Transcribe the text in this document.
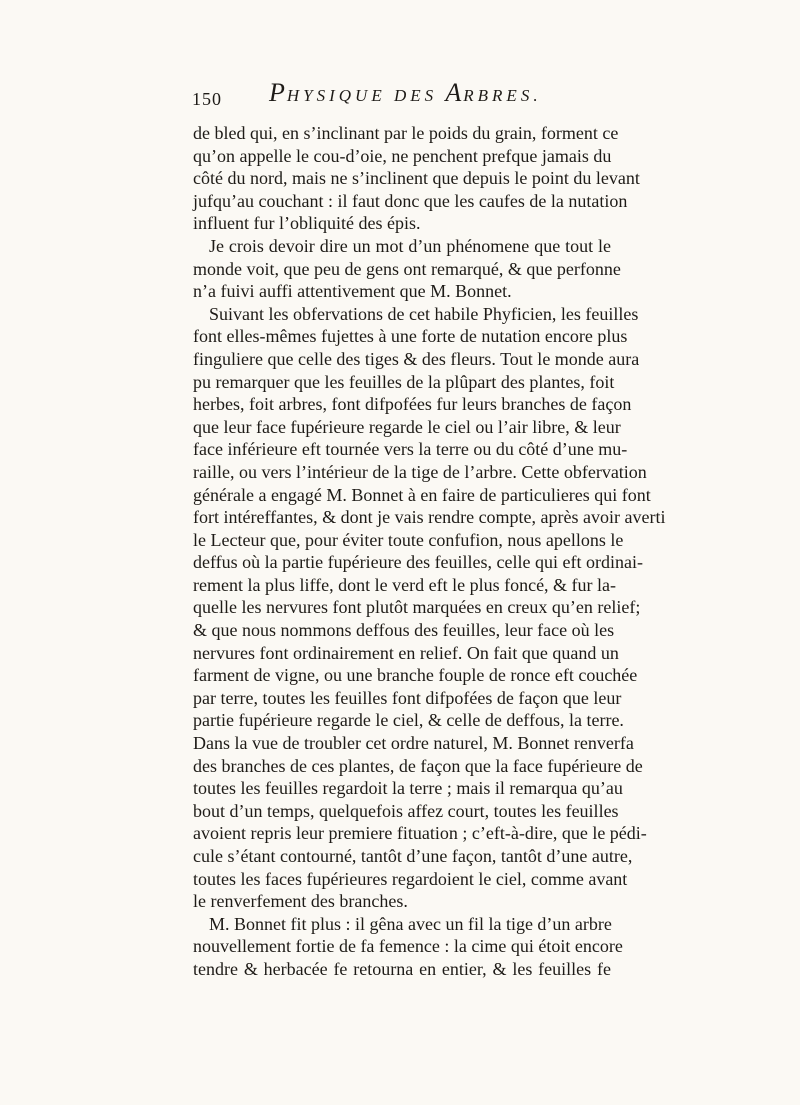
150 PHYSIQUE DES ARBRES.
de bled qui, en s’inclinant par le poids du grain, forment ce
qu’on appelle le cou-d’oie, ne penchent prefque jamais du
côté du nord, mais ne s’inclinent que depuis le point du levant
jufqu’au couchant : il faut donc que les caufes de la nutation
influent fur l’obliquité des épis.
Je crois devoir dire un mot d’un phénomene que tout le
monde voit, que peu de gens ont remarqué, & que perfonne
n’a fuivi auffi attentivement que M. Bonnet.
Suivant les obfervations de cet habile Phyficien, les feuilles
font elles-mêmes fujettes à une forte de nutation encore plus
finguliere que celle des tiges & des fleurs. Tout le monde aura
pu remarquer que les feuilles de la plûpart des plantes, foit
herbes, foit arbres, font difpofées fur leurs branches de façon
que leur face fupérieure regarde le ciel ou l’air libre, & leur
face inférieure eft tournée vers la terre ou du côté d’une mu-
raille, ou vers l’intérieur de la tige de l’arbre. Cette obfervation
générale a engagé M. Bonnet à en faire de particulieres qui font
fort intéreffantes, & dont je vais rendre compte, après avoir averti
le Lecteur que, pour éviter toute confufion, nous apellons le
deffus où la partie fupérieure des feuilles, celle qui eft ordinai-
rement la plus liffe, dont le verd eft le plus foncé, & fur la-
quelle les nervures font plutôt marquées en creux qu’en relief;
& que nous nommons deffous des feuilles, leur face où les
nervures font ordinairement en relief. On fait que quand un
farment de vigne, ou une branche fouple de ronce eft couchée
par terre, toutes les feuilles font difpofées de façon que leur
partie fupérieure regarde le ciel, & celle de deffous, la terre.
Dans la vue de troubler cet ordre naturel, M. Bonnet renverfa
des branches de ces plantes, de façon que la face fupérieure de
toutes les feuilles regardoit la terre ; mais il remarqua qu’au
bout d’un temps, quelquefois affez court, toutes les feuilles
avoient repris leur premiere fituation ; c’eft-à-dire, que le pédi-
cule s’étant contourné, tantôt d’une façon, tantôt d’une autre,
toutes les faces fupérieures regardoient le ciel, comme avant
le renverfement des branches.
M. Bonnet fit plus : il gêna avec un fil la tige d’un arbre
nouvellement fortie de fa femence : la cime qui étoit encore
tendre & herbacée fe retourna en entier, & les feuilles fe
